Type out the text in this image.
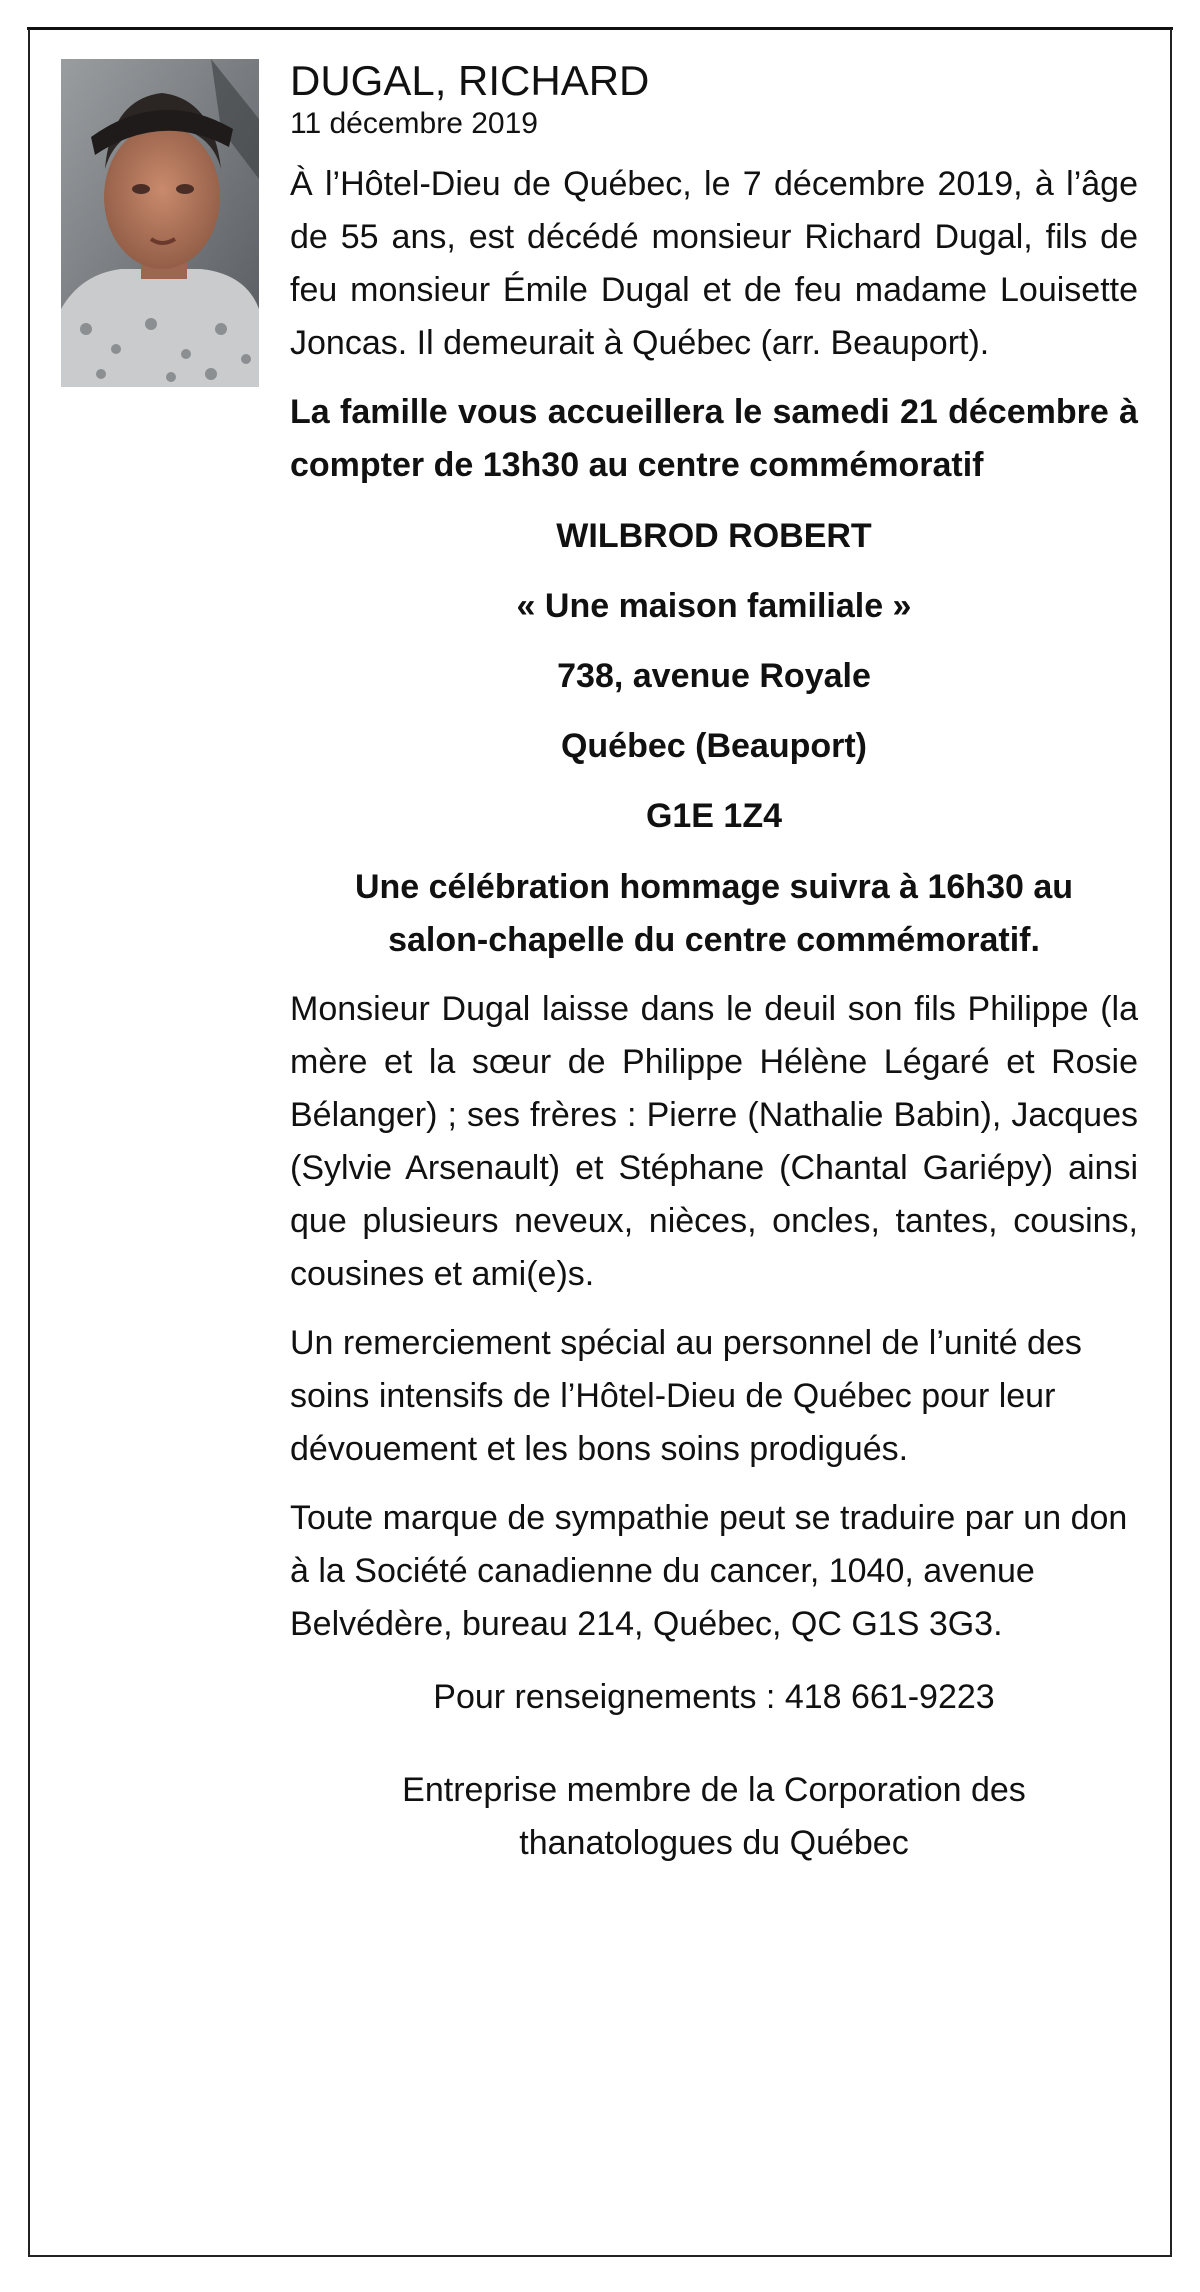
DUGAL, RICHARD

11 décembre 2019

À l’Hôtel-Dieu de Québec, le 7 décembre 2019, à l’âge de 55 ans, est décédé monsieur Richard Dugal, fils de feu monsieur Émile Dugal et de feu madame Louisette Joncas. Il demeurait à Québec (arr. Beauport).

La famille vous accueillera le samedi 21 décembre à compter de 13h30 au centre commémoratif

WILBROD ROBERT

« Une maison familiale »

738, avenue Royale

Québec (Beauport)

G1E 1Z4

Une célébration hommage suivra à 16h30 au
salon-chapelle du centre commémoratif.

Monsieur Dugal laisse dans le deuil son fils Philippe (la mère et la sœur de Philippe Hélène Légaré et Rosie Bélanger) ; ses frères : Pierre (Nathalie Babin), Jacques (Sylvie Arsenault) et Stéphane (Chantal Gariépy) ainsi que plusieurs neveux, nièces, oncles, tantes, cousins, cousines et ami(e)s.

Un remerciement spécial au personnel de l’unité des soins intensifs de l’Hôtel-Dieu de Québec pour leur dévouement et les bons soins prodigués.

Toute marque de sympathie peut se traduire par un don à la Société canadienne du cancer, 1040, avenue Belvédère, bureau 214, Québec, QC G1S 3G3.

Pour renseignements : 418 661-9223

Entreprise membre de la Corporation des
thanatologues du Québec
